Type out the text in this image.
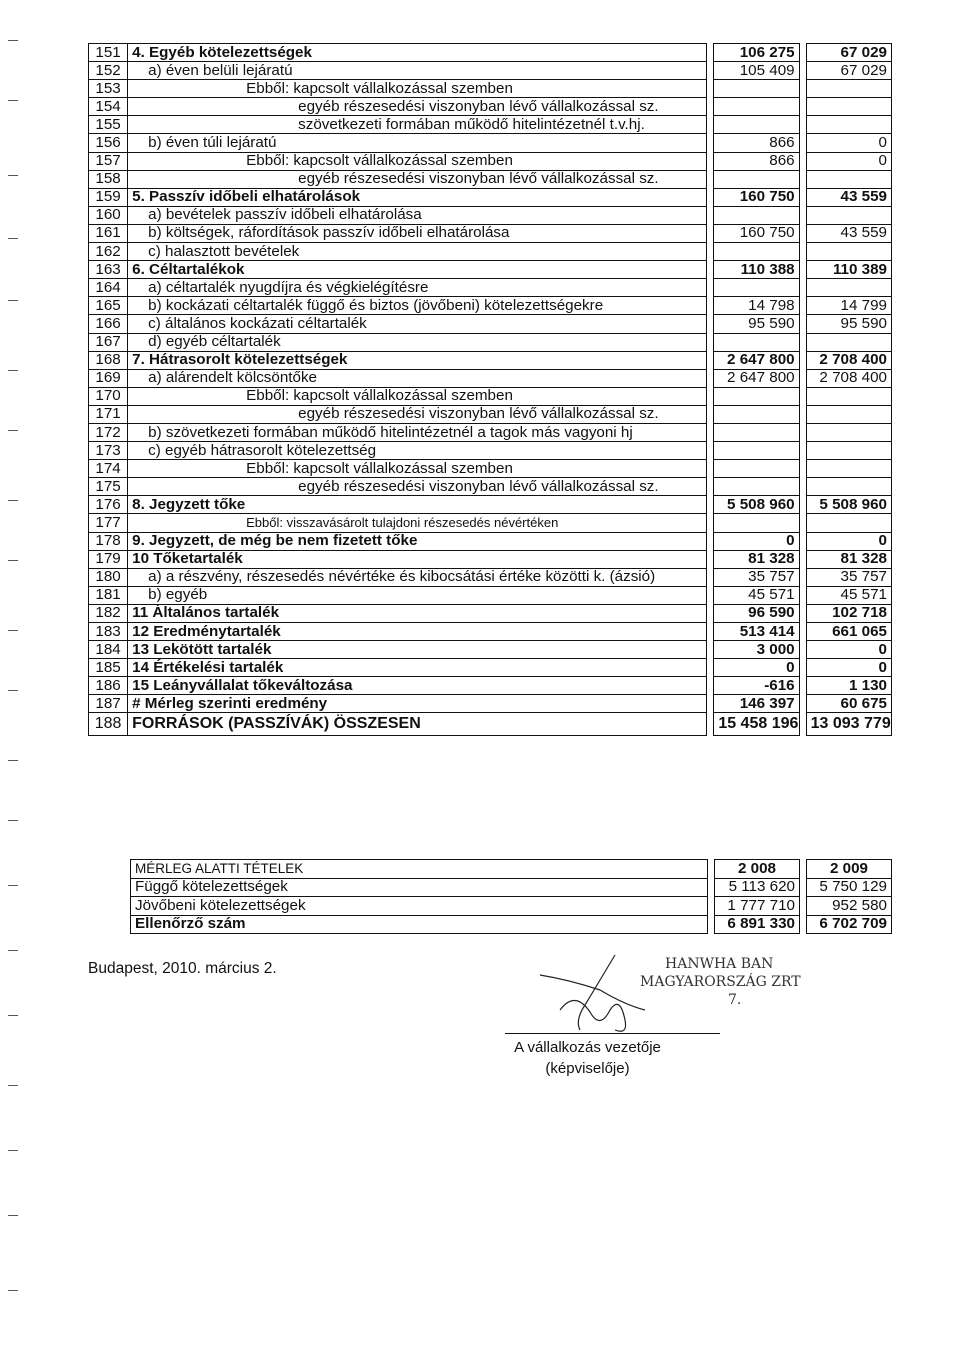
151	4. Egyéb kötelezettségek		106 275		67 029
152	a) éven belüli lejáratú		105 409		67 029
153	Ebből: kapcsolt vállalkozással szemben				
154	egyéb részesedési viszonyban lévő vállalkozással sz.				
155	szövetkezeti formában működő hitelintézetnél t.v.hj.				
156	b) éven túli lejáratú		866		0
157	Ebből: kapcsolt vállalkozással szemben		866		0
158	egyéb részesedési viszonyban lévő vállalkozással sz.				
159	5. Passzív időbeli elhatárolások		160 750		43 559
160	a) bevételek passzív időbeli elhatárolása				
161	b) költségek, ráfordítások passzív időbeli elhatárolása		160 750		43 559
162	c) halasztott bevételek				
163	6. Céltartalékok		110 388		110 389
164	a) céltartalék nyugdíjra és végkielégítésre				
165	b) kockázati céltartalék függő és biztos (jövőbeni) kötelezettségekre		14 798		14 799
166	c) általános kockázati céltartalék		95 590		95 590
167	d) egyéb céltartalék				
168	7. Hátrasorolt kötelezettségek		2 647 800		2 708 400
169	a) alárendelt kölcsöntőke		2 647 800		2 708 400
170	Ebből: kapcsolt vállalkozással szemben				
171	egyéb részesedési viszonyban lévő vállalkozással sz.				
172	b) szövetkezeti formában működő hitelintézetnél a tagok más vagyoni hj				
173	c) egyéb hátrasorolt kötelezettség				
174	Ebből: kapcsolt vállalkozással szemben				
175	egyéb részesedési viszonyban lévő vállalkozással sz.				
176	8. Jegyzett tőke		5 508 960		5 508 960
177	Ebből: visszavásárolt tulajdoni részesedés névértéken				
178	9. Jegyzett, de még be nem fizetett tőke		0		0
179	10 Tőketartalék		81 328		81 328
180	a) a részvény, részesedés névértéke és kibocsátási értéke közötti k. (ázsió)		35 757		35 757
181	b) egyéb		45 571		45 571
182	11 Általános tartalék		96 590		102 718
183	12 Eredménytartalék		513 414		661 065
184	13 Lekötött tartalék		3 000		0
185	14 Értékelési tartalék		0		0
186	15 Leányvállalat tőkeváltozása		-616		1 130
187	# Mérleg szerinti eredmény		146 397		60 675
188	FORRÁSOK (PASSZÍVÁK) ÖSSZESEN		15 458 196		13 093 779
MÉRLEG ALATTI TÉTELEK		2 008		2 009
Függő kötelezettségek		5 113 620		5 750 129
Jövőbeni kötelezettségek		1 777 710		952 580
Ellenőrző szám		6 891 330		6 702 709
Budapest, 2010. március 2.	HANWHA BAN
MAGYARORSZÁG ZRT
7.
A vállalkozás vezetője
(képviselője)
